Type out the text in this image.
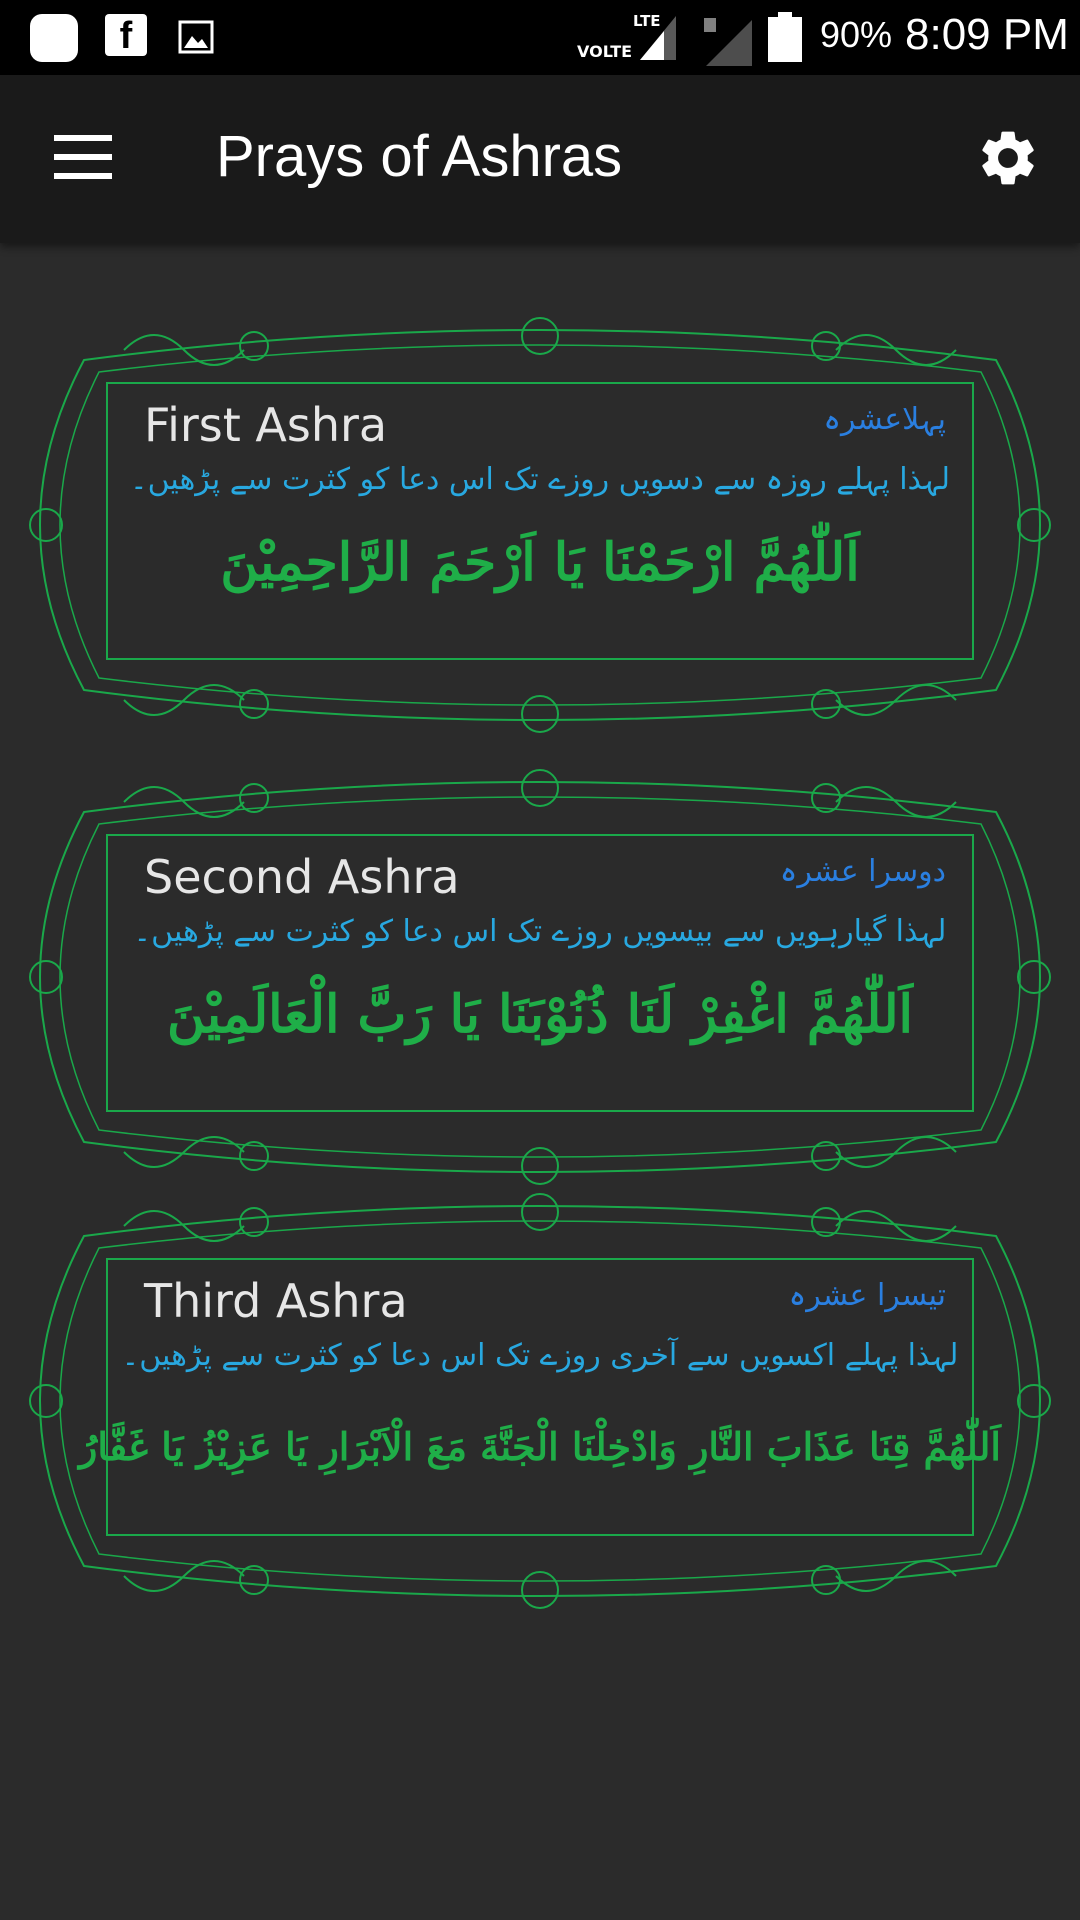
f	LTE
VOLTE	90% 8:09 PM
Prays of Ashras
First Ashra	پہلاعشرہ
لہذا پہلے روزہ سے دسویں روزے تک اس دعا کو کثرت سے پڑھیں۔
اَللّٰهُمَّ ارْحَمْنَا يَا اَرْحَمَ الرَّاحِمِيْنَ
Second Ashra	دوسرا عشرہ
لہذا گیارہویں سے بیسویں روزے تک اس دعا کو کثرت سے پڑھیں۔
اَللّٰهُمَّ اغْفِرْ لَنَا ذُنُوْبَنَا يَا رَبَّ الْعَالَمِيْنَ
Third Ashra	تیسرا عشرہ
لہذا پہلے اکسویں سے آخری روزے تک اس دعا کو کثرت سے پڑھیں۔
اَللّٰهُمَّ قِنَا عَذَابَ النَّارِ وَادْخِلْنَا الْجَنَّةَ مَعَ الْاَبْرَارِ يَا عَزِيْزُ يَا غَفَّارُ
